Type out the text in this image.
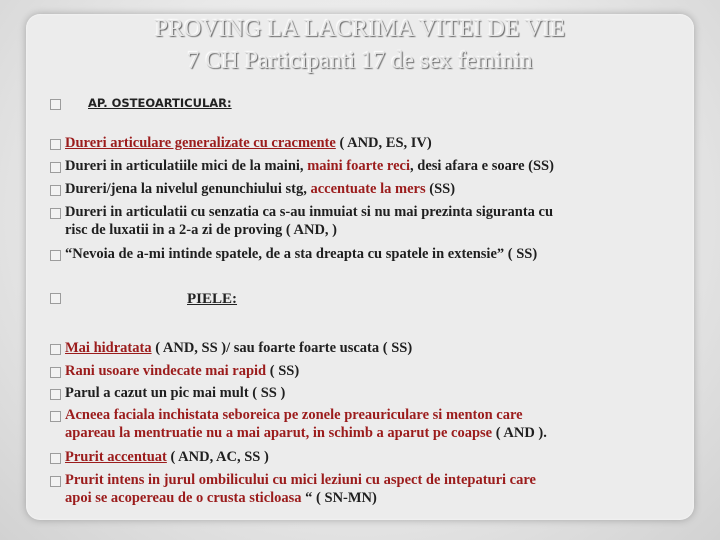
PROVING LA LACRIMA VITEI DE VIE
7 CH Participanti 17 de sex feminin
AP. OSTEOARTICULAR:
Dureri articulare generalizate cu cracmente ( AND, ES, IV)
Dureri in articulatiile mici de la maini, maini foarte reci, desi afara e soare (SS)
Dureri/jena la nivelul genunchiului stg, accentuate la mers (SS)
Dureri in articulatii cu senzatia ca s-au inmuiat si nu mai prezinta siguranta cu
risc de luxatii in a 2-a zi de proving ( AND, )
“Nevoia de a-mi intinde spatele, de a sta dreapta cu spatele in extensie” ( SS)
PIELE:
Mai hidratata ( AND, SS )/ sau foarte foarte uscata ( SS)
Rani usoare vindecate mai rapid ( SS)
Parul a cazut un pic mai mult ( SS )
Acneea faciala inchistata seboreica pe zonele preauriculare si menton care
apareau la mentruatie nu a mai aparut, in schimb a aparut pe coapse ( AND ).
Prurit accentuat ( AND, AC, SS )
Prurit intens in jurul ombilicului cu mici leziuni cu aspect de intepaturi care
apoi se acopereau de o crusta sticloasa “ ( SN-MN)
